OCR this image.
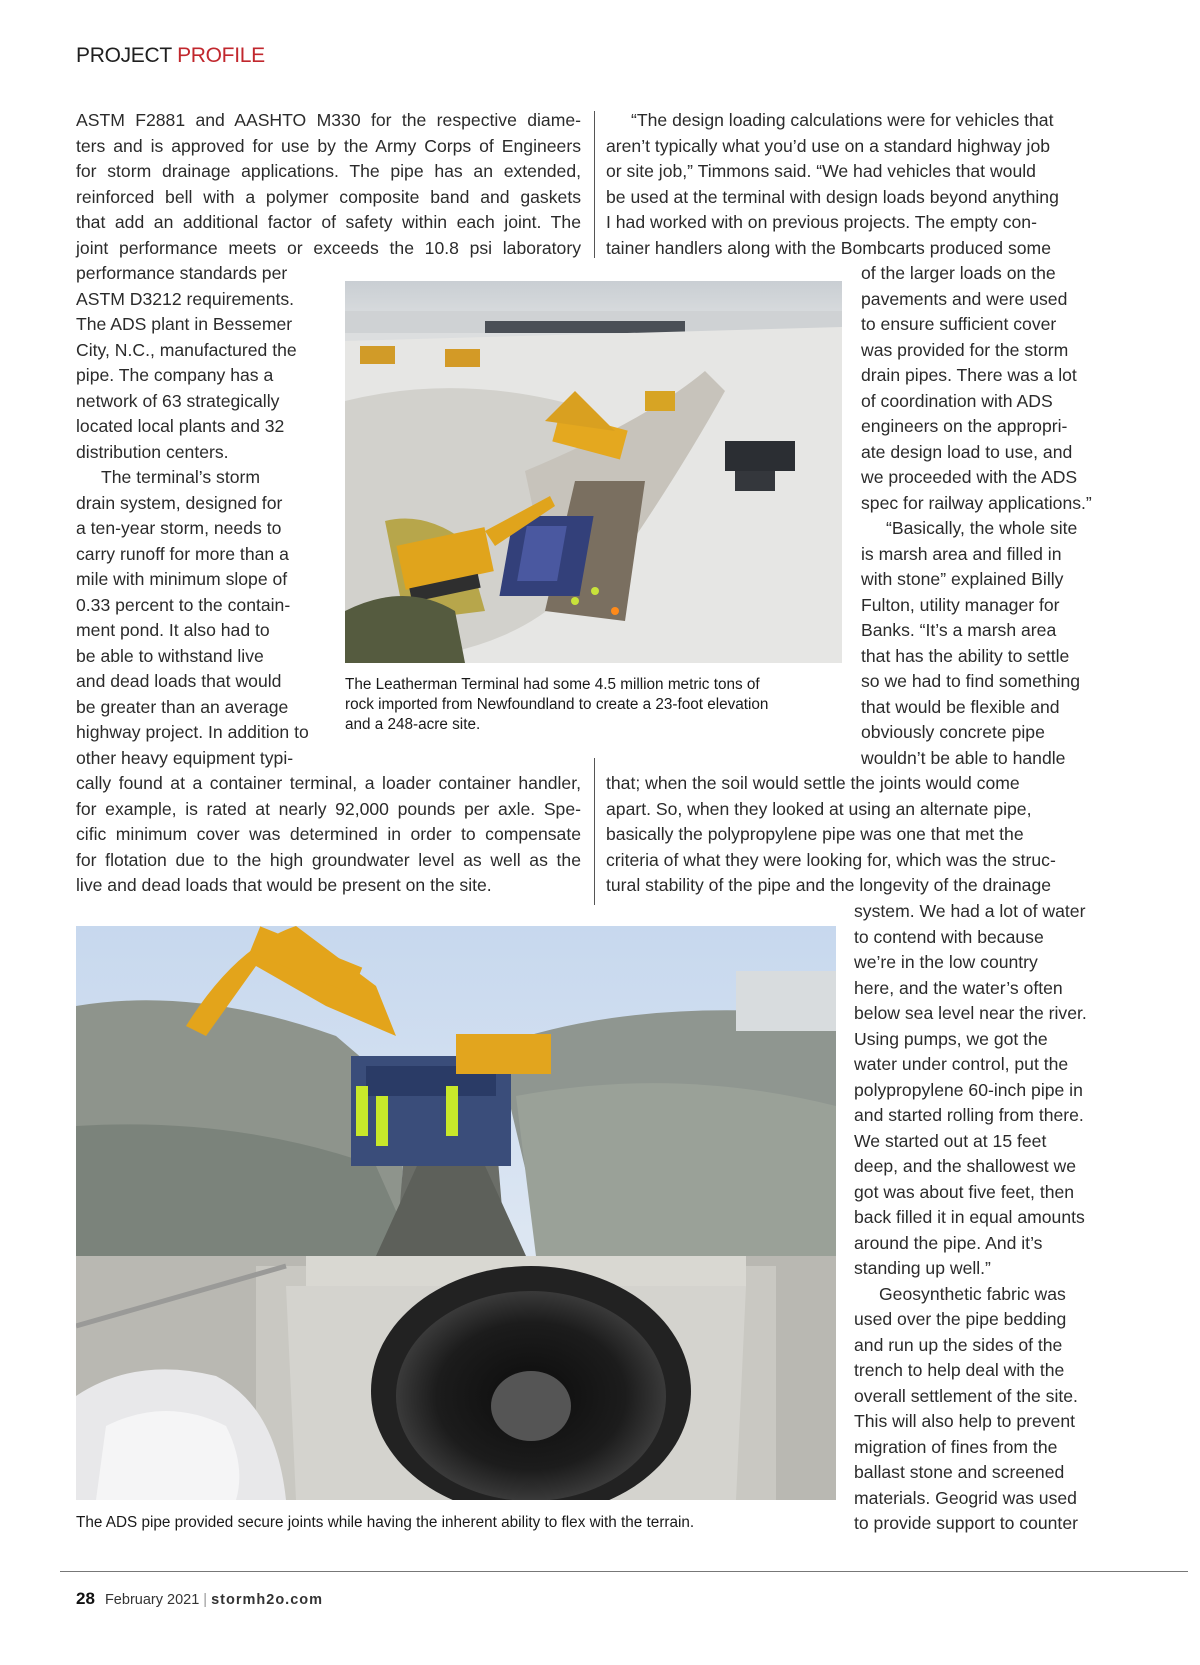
PROJECT PROFILE
ASTM F2881 and AASHTO M330 for the respective diame-
ters and is approved for use by the Army Corps of Engineers
for storm drainage applications. The pipe has an extended,
reinforced bell with a polymer composite band and gaskets
that add an additional factor of safety within each joint. The
joint performance meets or exceeds the 10.8 psi laboratory
performance standards per
ASTM D3212 requirements.
The ADS plant in Bessemer
City, N.C., manufactured the
pipe. The company has a
network of 63 strategically
located local plants and 32
distribution centers.
The terminal’s storm
drain system, designed for
a ten-year storm, needs to
carry runoff for more than a
mile with minimum slope of
0.33 percent to the contain-
ment pond. It also had to
be able to withstand live
and dead loads that would
be greater than an average
highway project. In addition to
other heavy equipment typi-
cally found at a container terminal, a loader container handler,
for example, is rated at nearly 92,000 pounds per axle. Spe-
cific minimum cover was determined in order to compensate
for flotation due to the high groundwater level as well as the
live and dead loads that would be present on the site.
“The design loading calculations were for vehicles that
aren’t typically what you’d use on a standard highway job
or site job,” Timmons said. “We had vehicles that would
be used at the terminal with design loads beyond anything
I had worked with on previous projects. The empty con-
tainer handlers along with the Bombcarts produced some
of the larger loads on the
pavements and were used
to ensure sufficient cover
was provided for the storm
drain pipes. There was a lot
of coordination with ADS
engineers on the appropri-
ate design load to use, and
we proceeded with the ADS
spec for railway applications.”
“Basically, the whole site
is marsh area and filled in
with stone” explained Billy
Fulton, utility manager for
Banks. “It’s a marsh area
that has the ability to settle
so we had to find something
that would be flexible and
obviously concrete pipe
wouldn’t be able to handle
that; when the soil would settle the joints would come
apart. So, when they looked at using an alternate pipe,
basically the polypropylene pipe was one that met the
criteria of what they were looking for, which was the struc-
tural stability of the pipe and the longevity of the drainage
system. We had a lot of water
to contend with because
we’re in the low country
here, and the water’s often
below sea level near the river.
Using pumps, we got the
water under control, put the
polypropylene 60-inch pipe in
and started rolling from there.
We started out at 15 feet
deep, and the shallowest we
got was about five feet, then
back filled it in equal amounts
around the pipe. And it’s
standing up well.”
Geosynthetic fabric was
used over the pipe bedding
and run up the sides of the
trench to help deal with the
overall settlement of the site.
This will also help to prevent
migration of fines from the
ballast stone and screened
materials. Geogrid was used
to provide support to counter
The Leatherman Terminal had some 4.5 million metric tons of
rock imported from Newfoundland to create a 23-foot elevation
and a 248-acre site.
The ADS pipe provided secure joints while having the inherent ability to flex with the terrain.
28 February 2021 | stormh2o.com
